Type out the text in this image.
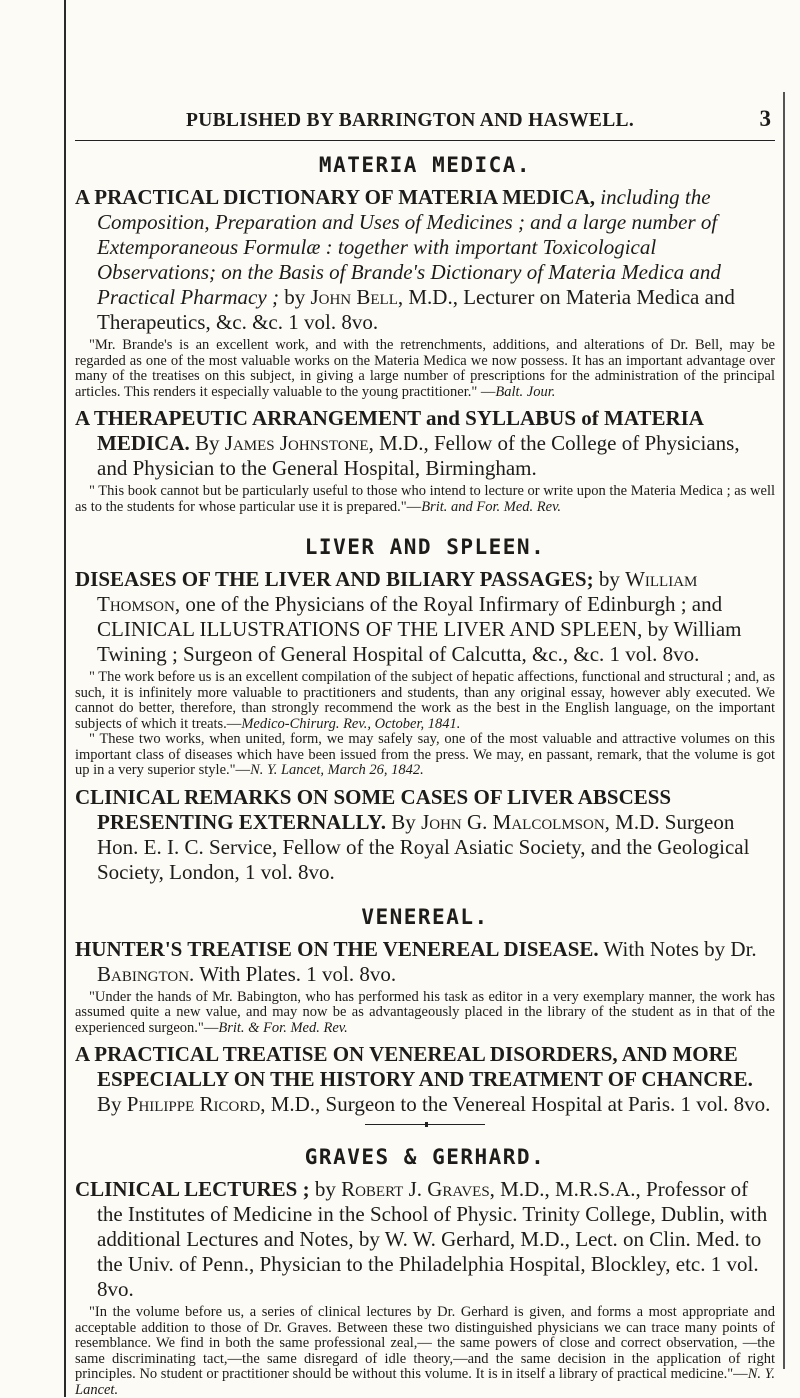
PUBLISHED BY BARRINGTON AND HASWELL.	3
MATERIA MEDICA.
A PRACTICAL DICTIONARY OF MATERIA MEDICA, including the Composition, Preparation and Uses of Medicines ; and a large number of Extemporaneous Formulæ : together with important Toxicological Observations; on the Basis of Brande's Dictionary of Materia Medica and Practical Pharmacy ; by John Bell, M.D., Lecturer on Materia Medica and Therapeutics, &c. &c. 1 vol. 8vo.
"Mr. Brande's is an excellent work, and with the retrenchments, additions, and alterations of Dr. Bell, may be regarded as one of the most valuable works on the Materia Medica we now possess. It has an important advantage over many of the treatises on this subject, in giving a large number of prescriptions for the administration of the principal articles. This renders it especially valuable to the young practitioner." —Balt. Jour.
A THERAPEUTIC ARRANGEMENT and SYLLABUS of MATERIA MEDICA. By James Johnstone, M.D., Fellow of the College of Physicians, and Physician to the General Hospital, Birmingham.
" This book cannot but be particularly useful to those who intend to lecture or write upon the Materia Medica ; as well as to the students for whose particular use it is prepared."—Brit. and For. Med. Rev.
LIVER AND SPLEEN.
DISEASES OF THE LIVER AND BILIARY PASSAGES; by William Thomson, one of the Physicians of the Royal Infirmary of Edinburgh ; and CLINICAL ILLUSTRATIONS OF THE LIVER AND SPLEEN, by William Twining ; Surgeon of General Hospital of Calcutta, &c., &c. 1 vol. 8vo.
" The work before us is an excellent compilation of the subject of hepatic affections, functional and structural ; and, as such, it is infinitely more valuable to practitioners and students, than any original essay, however ably executed. We cannot do better, therefore, than strongly recommend the work as the best in the English language, on the important subjects of which it treats.—Medico-Chirurg. Rev., October, 1841.
" These two works, when united, form, we may safely say, one of the most valuable and attractive volumes on this important class of diseases which have been issued from the press. We may, en passant, remark, that the volume is got up in a very superior style."—N. Y. Lancet, March 26, 1842.
CLINICAL REMARKS ON SOME CASES OF LIVER ABSCESS PRESENTING EXTERNALLY. By John G. Malcolmson, M.D. Surgeon Hon. E. I. C. Service, Fellow of the Royal Asiatic Society, and the Geological Society, London, 1 vol. 8vo.
VENEREAL.
HUNTER'S TREATISE ON THE VENEREAL DISEASE. With Notes by Dr. Babington. With Plates. 1 vol. 8vo.
"Under the hands of Mr. Babington, who has performed his task as editor in a very exemplary manner, the work has assumed quite a new value, and may now be as advantageously placed in the library of the student as in that of the experienced surgeon."—Brit. & For. Med. Rev.
A PRACTICAL TREATISE ON VENEREAL DISORDERS, AND MORE ESPECIALLY ON THE HISTORY AND TREATMENT OF CHANCRE. By Philippe Ricord, M.D., Surgeon to the Venereal Hospital at Paris. 1 vol. 8vo.
GRAVES & GERHARD.
CLINICAL LECTURES ; by Robert J. Graves, M.D., M.R.S.A., Professor of the Institutes of Medicine in the School of Physic. Trinity College, Dublin, with additional Lectures and Notes, by W. W. Gerhard, M.D., Lect. on Clin. Med. to the Univ. of Penn., Physician to the Philadelphia Hospital, Blockley, etc. 1 vol. 8vo.
"In the volume before us, a series of clinical lectures by Dr. Gerhard is given, and forms a most appropriate and acceptable addition to those of Dr. Graves. Between these two distinguished physicians we can trace many points of resemblance. We find in both the same professional zeal,— the same powers of close and correct observation, —the same discriminating tact,—the same disregard of idle theory,—and the same decision in the application of right principles. No student or practitioner should be without this volume. It is in itself a library of practical medicine."—N. Y. Lancet.
